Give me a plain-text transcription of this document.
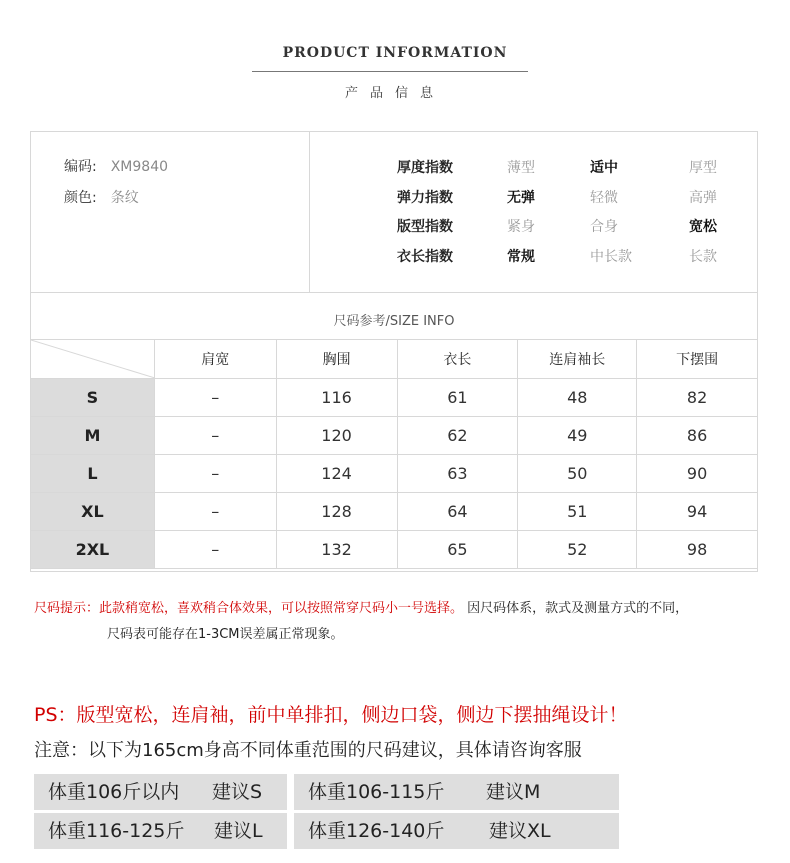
PRODUCT INFORMATION
产品信息
编码: XM9840
颜色: 条纹
厚度指数	薄型	适中	厚型
弹力指数	无弹	轻微	高弹
版型指数	紧身	合身	宽松
衣长指数	常规	中长款	长款
尺码参考/SIZE INFO
	肩宽	胸围	衣长	连肩袖长	下摆围
S	–	116	61	48	82
M	–	120	62	49	86
L	–	124	63	50	90
XL	–	128	64	51	94
2XL	–	132	65	52	98
尺码提示：此款稍宽松，喜欢稍合体效果，可以按照常穿尺码小一号选择。 因尺码体系，款式及测量方式的不同，
尺码表可能存在1-3CM误差属正常现象。
PS：版型宽松，连肩袖，前中单排扣，侧边口袋，侧边下摆抽绳设计！
注意：以下为165cm身高不同体重范围的尺码建议，具体请咨询客服
体重106斤以内 建议S 体重106-115斤 建议M
体重116-125斤 建议L 体重126-140斤 建议XL
